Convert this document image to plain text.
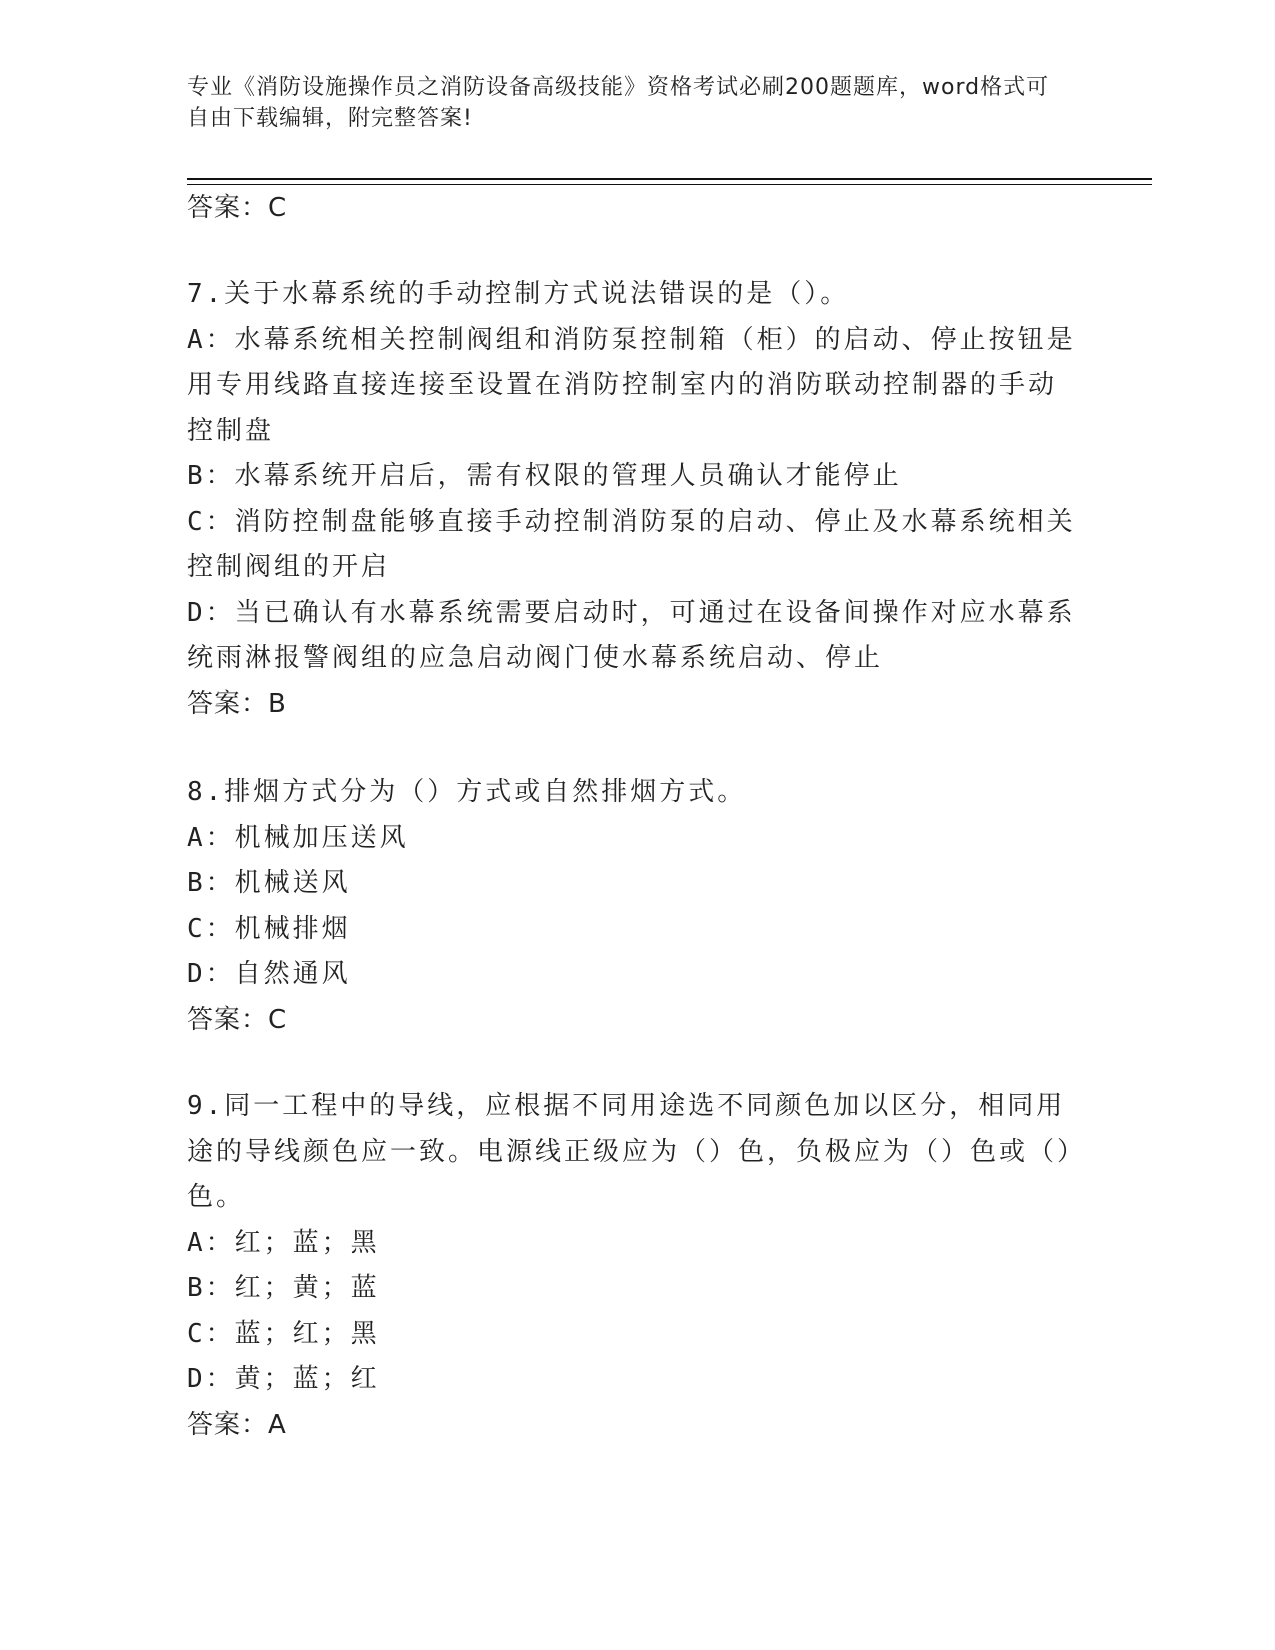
专业《消防设施操作员之消防设备高级技能》资格考试必刷200题题库，word格式可自由下载编辑，附完整答案!
答案：C
7.关于水幕系统的手动控制方式说法错误的是（）。
A：水幕系统相关控制阀组和消防泵控制箱（柜）的启动、停止按钮是用专用线路直接连接至设置在消防控制室内的消防联动控制器的手动控制盘
B：水幕系统开启后，需有权限的管理人员确认才能停止
C：消防控制盘能够直接手动控制消防泵的启动、停止及水幕系统相关控制阀组的开启
D：当已确认有水幕系统需要启动时，可通过在设备间操作对应水幕系统雨淋报警阀组的应急启动阀门使水幕系统启动、停止
答案：B
8.排烟方式分为（）方式或自然排烟方式。
A：机械加压送风
B：机械送风
C：机械排烟
D：自然通风
答案：C
9.同一工程中的导线，应根据不同用途选不同颜色加以区分，相同用途的导线颜色应一致。电源线正级应为（）色，负极应为（）色或（）色。
A：红；蓝；黑
B：红；黄；蓝
C：蓝；红；黑
D：黄；蓝；红
答案：A
